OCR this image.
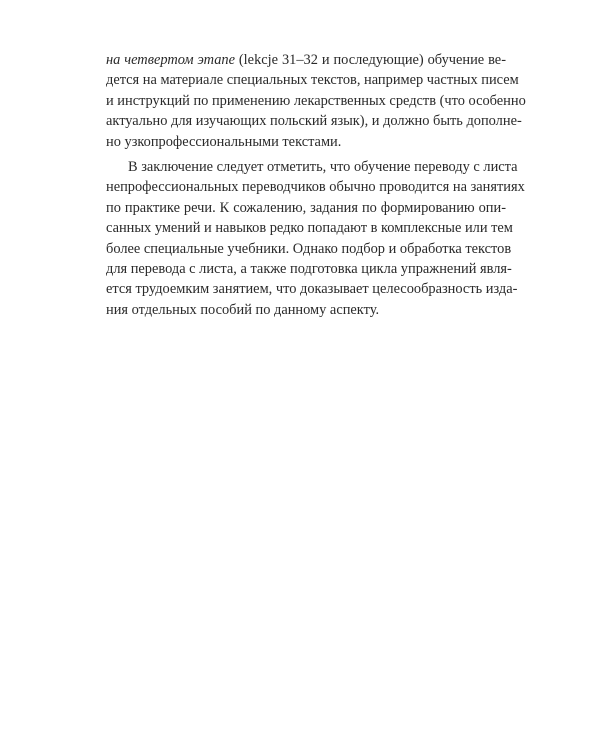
на четвертом этапе (lekcje 31–32 и последующие) обучение ве-
дется на материале специальных текстов, например частных писем
и инструкций по применению лекарственных средств (что особенно
актуально для изучающих польский язык), и должно быть дополне-
но узкопрофессиональными текстами.
В заключение следует отметить, что обучение переводу с листа
непрофессиональных переводчиков обычно проводится на занятиях
по практике речи. К сожалению, задания по формированию опи-
санных умений и навыков редко попадают в комплексные или тем
более специальные учебники. Однако подбор и обработка текстов
для перевода с листа, а также подготовка цикла упражнений явля-
ется трудоемким занятием, что доказывает целесообразность изда-
ния отдельных пособий по данному аспекту.
